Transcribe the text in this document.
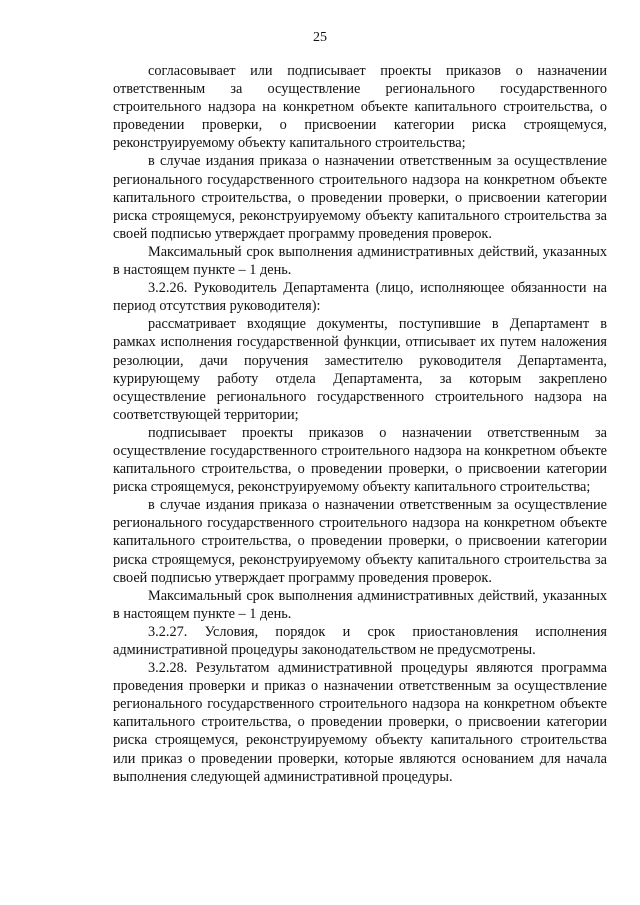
25

согласовывает или подписывает проекты приказов о назначении ответственным за осуществление регионального государственного строительного надзора на конкретном объекте капитального строительства, о проведении проверки, о присвоении категории риска строящемуся, реконструируемому объекту капитального строительства;

в случае издания приказа о назначении ответственным за осуществление регионального государственного строительного надзора на конкретном объекте капитального строительства, о проведении проверки, о присвоении категории риска строящемуся, реконструируемому объекту капитального строительства за своей подписью утверждает программу проведения проверок.

Максимальный срок выполнения административных действий, указанных в настоящем пункте – 1 день.

3.2.26. Руководитель Департамента (лицо, исполняющее обязанности на период отсутствия руководителя):

рассматривает входящие документы, поступившие в Департамент в рамках исполнения государственной функции, отписывает их путем наложения резолюции, дачи поручения заместителю руководителя Департамента, курирующему работу отдела Департамента, за которым закреплено осуществление регионального государственного строительного надзора на соответствующей территории;

подписывает проекты приказов о назначении ответственным за осуществление государственного строительного надзора на конкретном объекте капитального строительства, о проведении проверки, о присвоении категории риска строящемуся, реконструируемому объекту капитального строительства;

в случае издания приказа о назначении ответственным за осуществление регионального государственного строительного надзора на конкретном объекте капитального строительства, о проведении проверки, о присвоении категории риска строящемуся, реконструируемому объекту капитального строительства за своей подписью утверждает программу проведения проверок.

Максимальный срок выполнения административных действий, указанных в настоящем пункте – 1 день.

3.2.27. Условия, порядок и срок приостановления исполнения административной процедуры законодательством не предусмотрены.

3.2.28. Результатом административной процедуры являются программа проведения проверки и приказ о назначении ответственным за осуществление регионального государственного строительного надзора на конкретном объекте капитального строительства, о проведении проверки, о присвоении категории риска строящемуся, реконструируемому объекту капитального строительства или приказ о проведении проверки, которые являются основанием для начала выполнения следующей административной процедуры.
